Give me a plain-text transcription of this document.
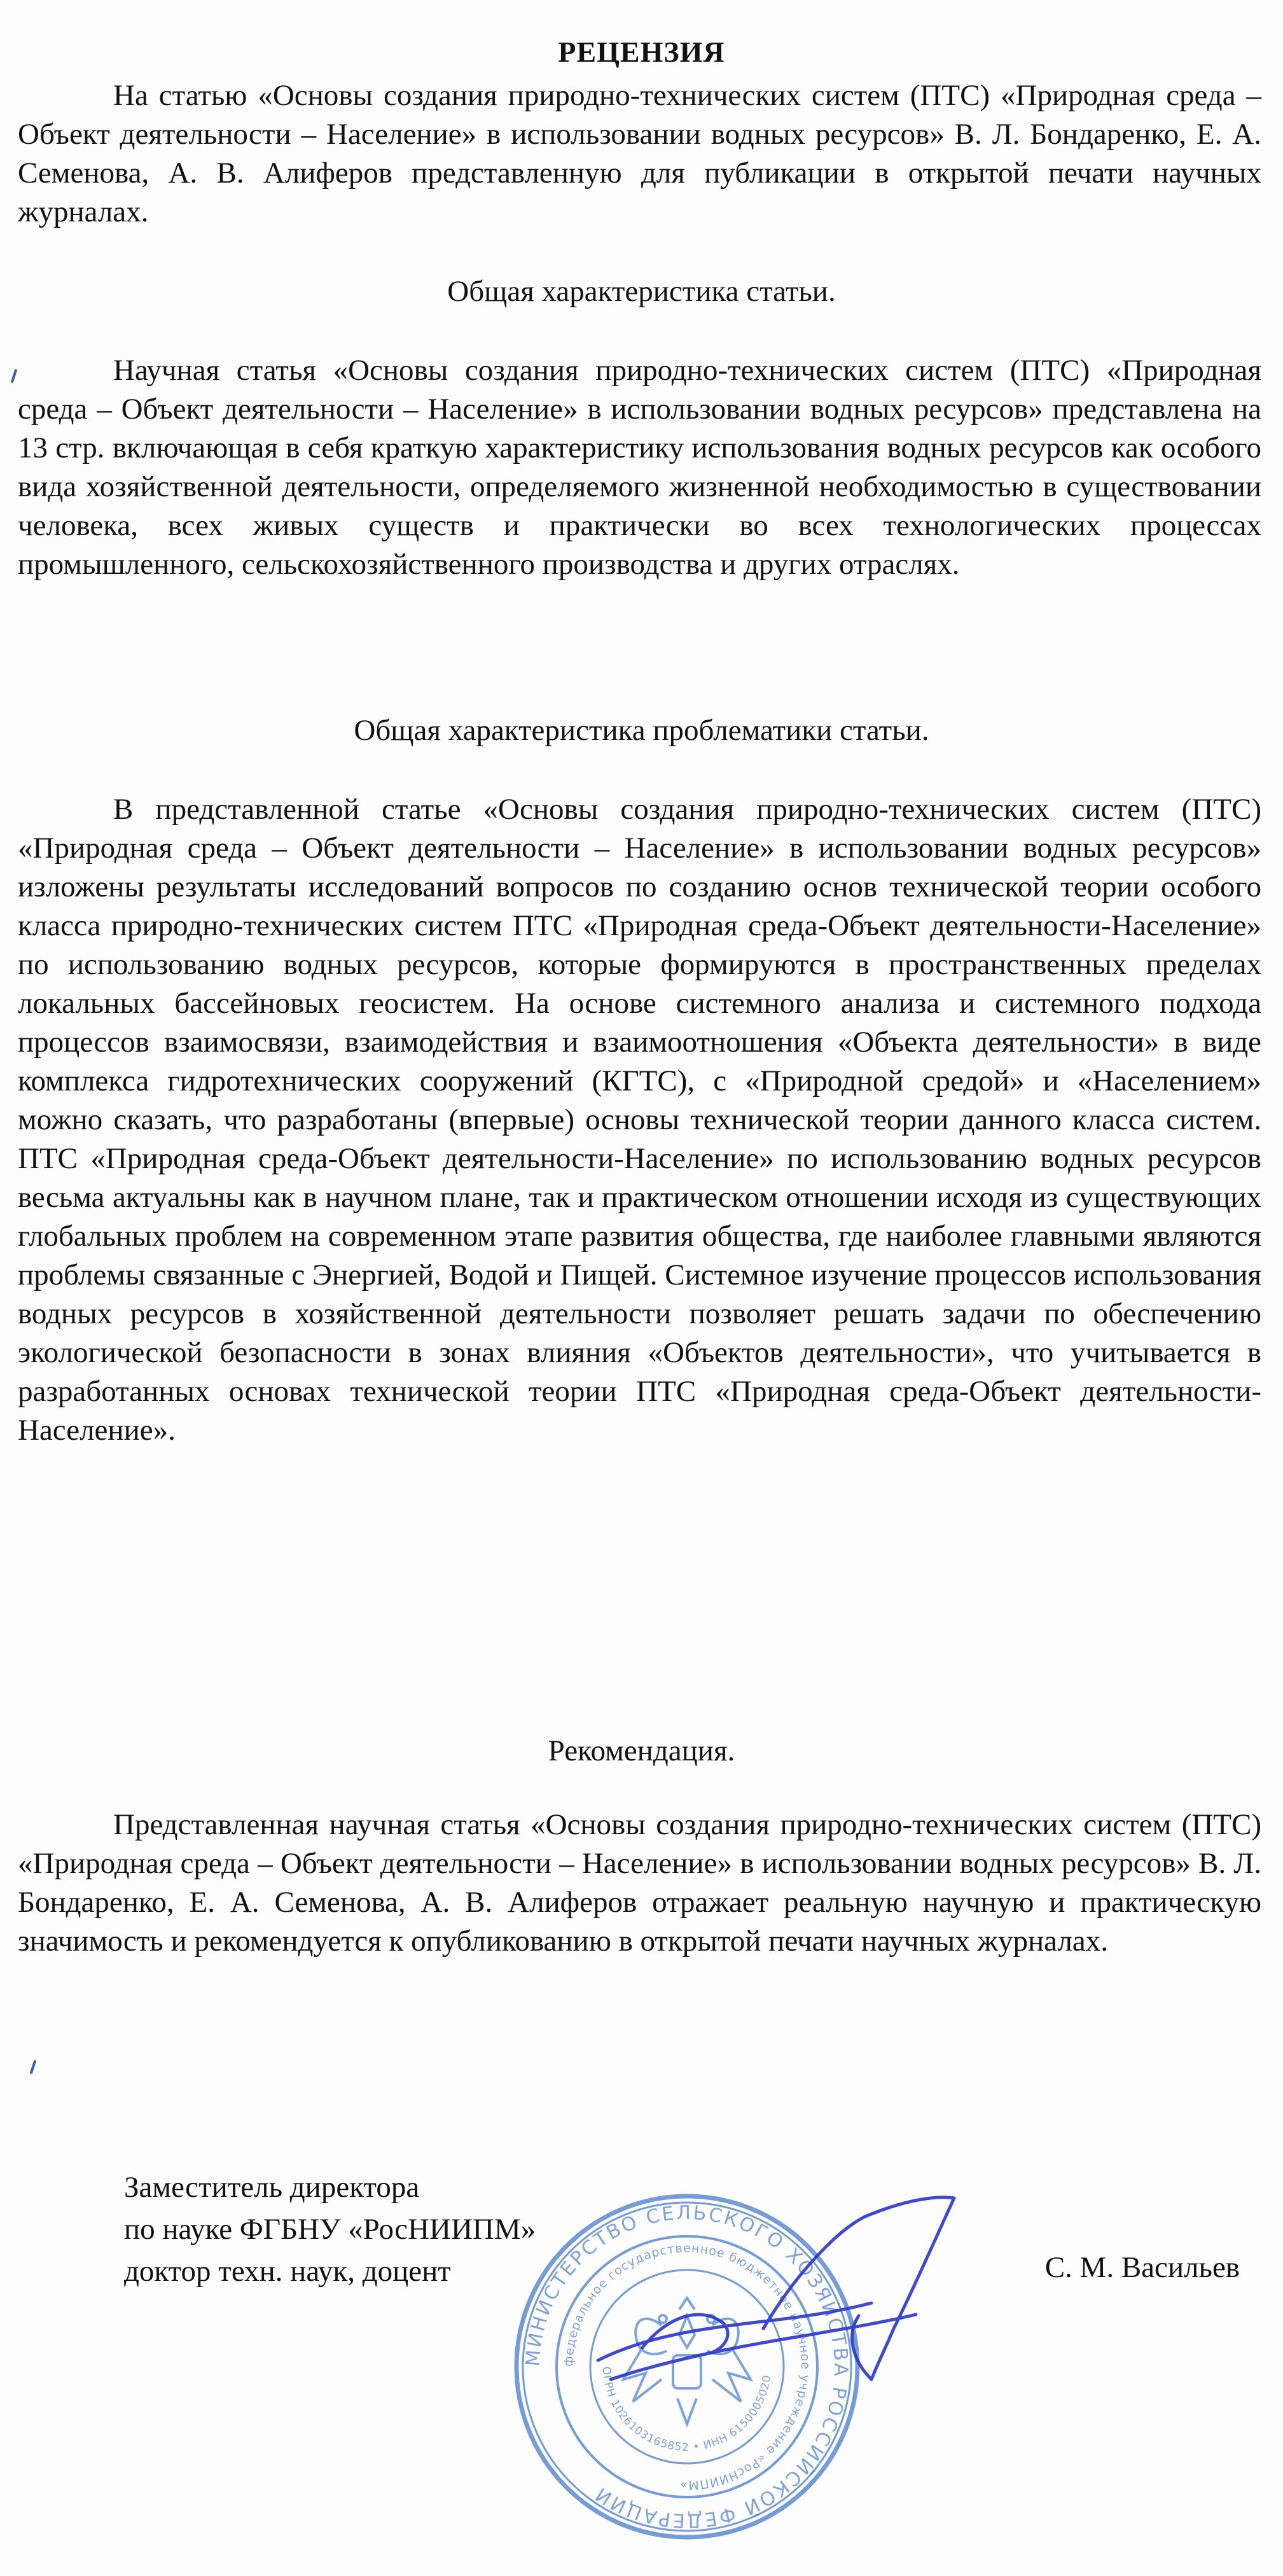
РЕЦЕНЗИЯ
На статью «Основы создания природно-технических систем (ПТС) «Природная среда – Объект деятельности – Население» в использовании водных ресурсов» В. Л. Бондаренко, Е. А. Семенова, А. В. Алиферов представленную для публикации в открытой печати научных журналах.
Общая характеристика статьи.
Научная статья «Основы создания природно-технических систем (ПТС) «Природная среда – Объект деятельности – Население» в использовании водных ресурсов» представлена на 13 стр. включающая в себя краткую характеристику использования водных ресурсов как особого вида хозяйственной деятельности, определяемого жизненной необходимостью в существовании человека, всех живых существ и практически во всех технологических процессах промышленного, сельскохозяйственного производства и других отраслях.
Общая характеристика проблематики статьи.
В представленной статье «Основы создания природно-технических систем (ПТС) «Природная среда – Объект деятельности – Население» в использовании водных ресурсов» изложены результаты исследований вопросов по созданию основ технической теории особого класса природно-технических систем ПТС «Природная среда-Объект деятельности-Население» по использованию водных ресурсов, которые формируются в пространственных пределах локальных бассейновых геосистем. На основе системного анализа и системного подхода процессов взаимосвязи, взаимодействия и взаимоотношения «Объекта деятельности» в виде комплекса гидротехнических сооружений (КГТС), с «Природной средой» и «Населением» можно сказать, что разработаны (впервые) основы технической теории данного класса систем. ПТС «Природная среда-Объект деятельности-Население» по использованию водных ресурсов весьма актуальны как в научном плане, так и практическом отношении исходя из существующих глобальных проблем на современном этапе развития общества, где наиболее главными являются проблемы связанные с Энергией, Водой и Пищей. Системное изучение процессов использования водных ресурсов в хозяйственной деятельности позволяет решать задачи по обеспечению экологической безопасности в зонах влияния «Объектов деятельности», что учитывается в разработанных основах технической теории ПТС «Природная среда-Объект деятельности-Население».
Рекомендация.
Представленная научная статья «Основы создания природно-технических систем (ПТС) «Природная среда – Объект деятельности – Население» в использовании водных ресурсов» В. Л. Бондаренко, Е. А. Семенова, А. В. Алиферов отражает реальную научную и практическую значимость и рекомендуется к опубликованию в открытой печати научных журналах.
Заместитель директора
по науке ФГБНУ «РосНИИПМ»
доктор техн. наук, доцент
МИНИСТЕРСТВО СЕЛЬСКОГО ХОЗЯЙСТВА РОССИЙСКОЙ ФЕДЕРАЦИИ
федеральное государственное бюджетное научное учреждение «РосНИИПМ»
ОГРН 1026103165852 • ИНН 6150005020
С. М. Васильев
